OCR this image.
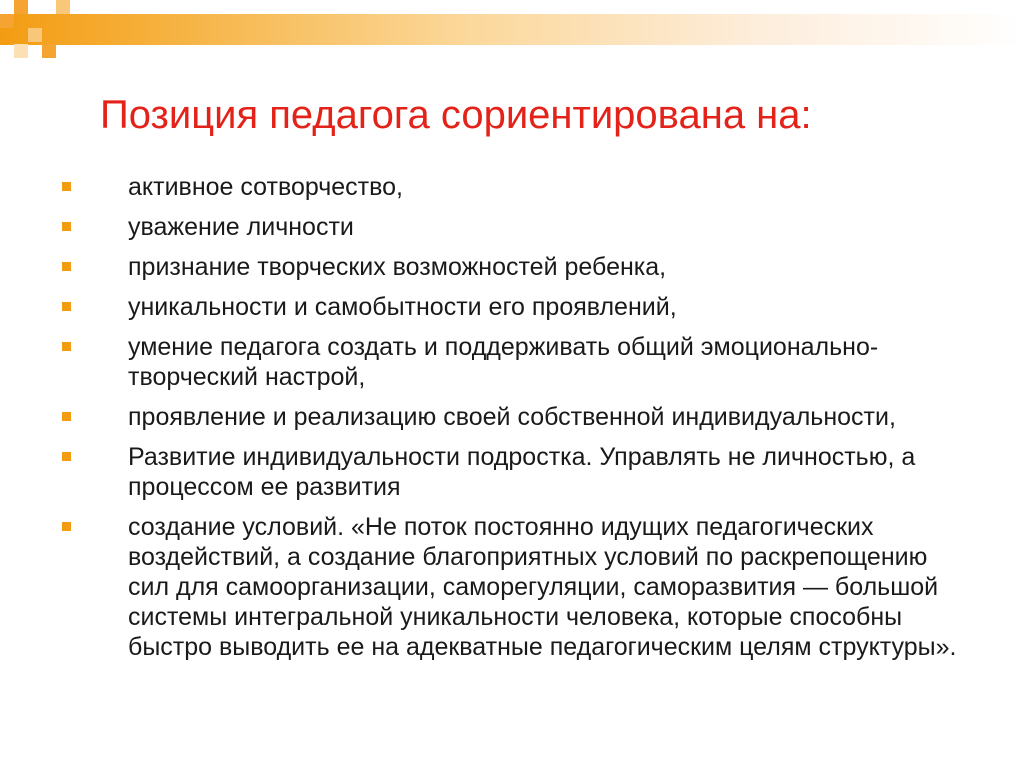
Позиция педагога сориентирована на:
активное сотворчество,
уважение личности
признание творческих возможностей ребенка,
уникальности и самобытности его проявлений,
умение педагога создать и поддерживать общий эмоционально-творческий настрой,
проявление и реализацию своей собственной индивидуальности,
Развитие индивидуальности подростка. Управлять не личностью, а процессом ее развития
создание условий. «Не поток постоянно идущих педагогических воздействий, а создание благоприятных условий по раскрепощению сил для самоорганизации, саморегуляции, саморазвития — большой системы интегральной уникальности человека, которые способны быстро выводить ее на адекватные педагогическим целям структуры».
